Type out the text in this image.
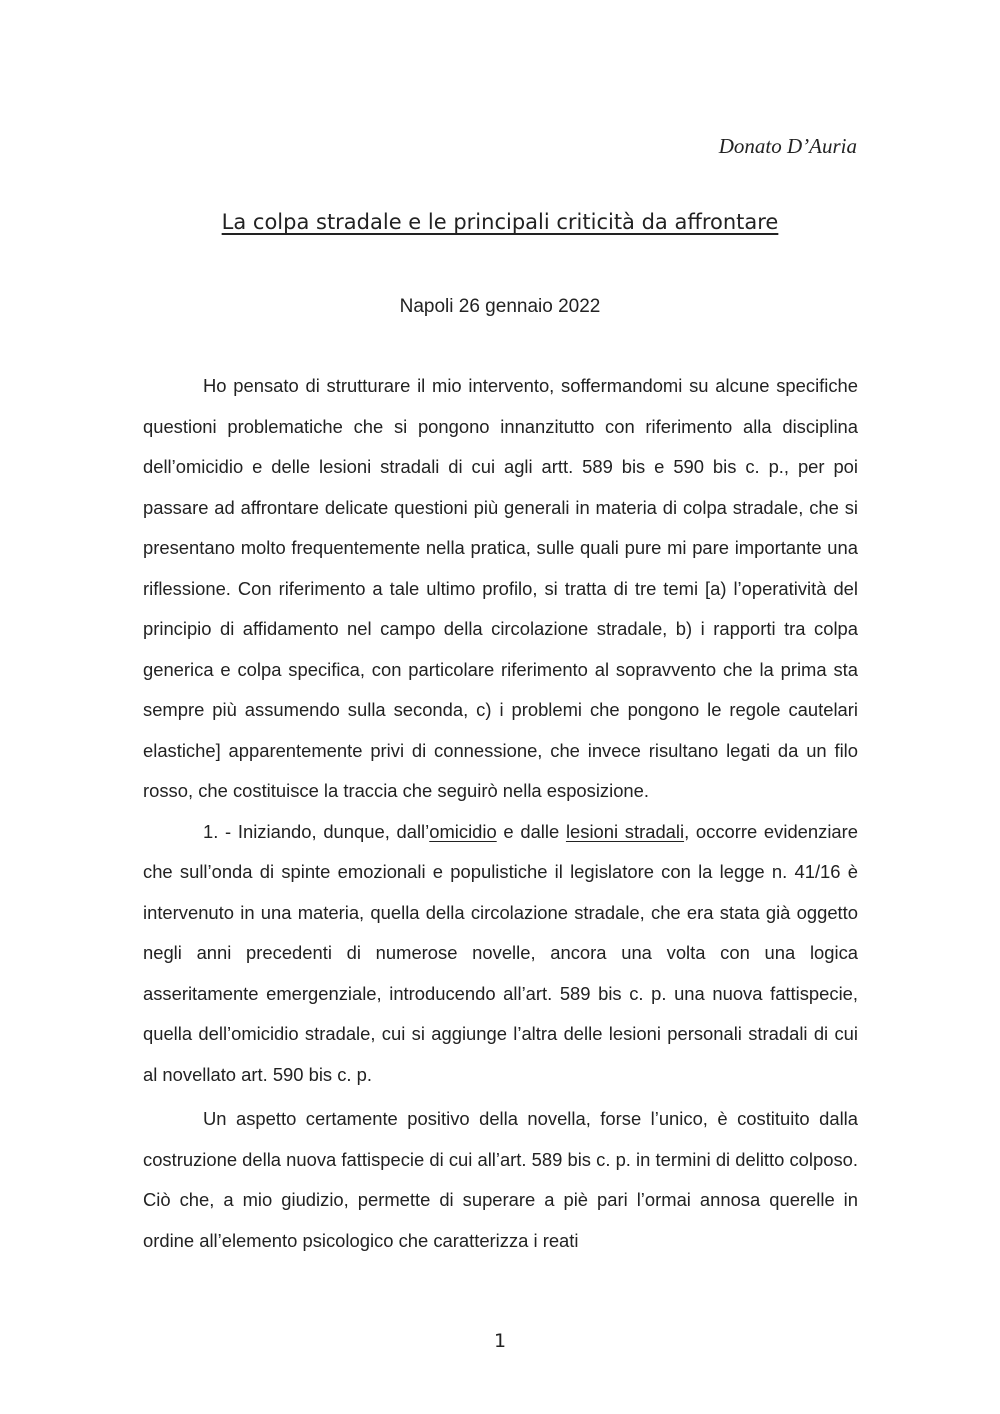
Donato D’Auria
La colpa stradale e le principali criticità da affrontare
Napoli 26 gennaio 2022

Ho pensato di strutturare il mio intervento, soffermandomi su alcune specifiche questioni problematiche che si pongono innanzitutto con riferimento alla disciplina dell’omicidio e delle lesioni stradali di cui agli artt. 589 bis e 590 bis c. p., per poi passare ad affrontare delicate questioni più generali in materia di colpa stradale, che si presentano molto frequentemente nella pratica, sulle quali pure mi pare importante una riflessione. Con riferimento a tale ultimo profilo, si tratta di tre temi [a) l’operatività del principio di affidamento nel campo della circolazione stradale, b) i rapporti tra colpa generica e colpa specifica, con particolare riferimento al sopravvento che la prima sta sempre più assumendo sulla seconda, c) i problemi che pongono le regole cautelari elastiche] apparentemente privi di connessione, che invece risultano legati da un filo rosso, che costituisce la traccia che seguirò nella esposizione.

1. - Iniziando, dunque, dall’omicidio e dalle lesioni stradali, occorre evidenziare che sull’onda di spinte emozionali e populistiche il legislatore con la legge n. 41/16 è intervenuto in una materia, quella della circolazione stradale, che era stata già oggetto negli anni precedenti di numerose novelle, ancora una volta con una logica asseritamente emergenziale, introducendo all’art. 589 bis c. p. una nuova fattispecie, quella dell’omicidio stradale, cui si aggiunge l’altra delle lesioni personali stradali di cui al novellato art. 590 bis c. p.

Un aspetto certamente positivo della novella, forse l’unico, è costituito dalla costruzione della nuova fattispecie di cui all’art. 589 bis c. p. in termini di delitto colposo. Ciò che, a mio giudizio, permette di superare a piè pari l’ormai annosa querelle in ordine all’elemento psicologico che caratterizza i reati

1
